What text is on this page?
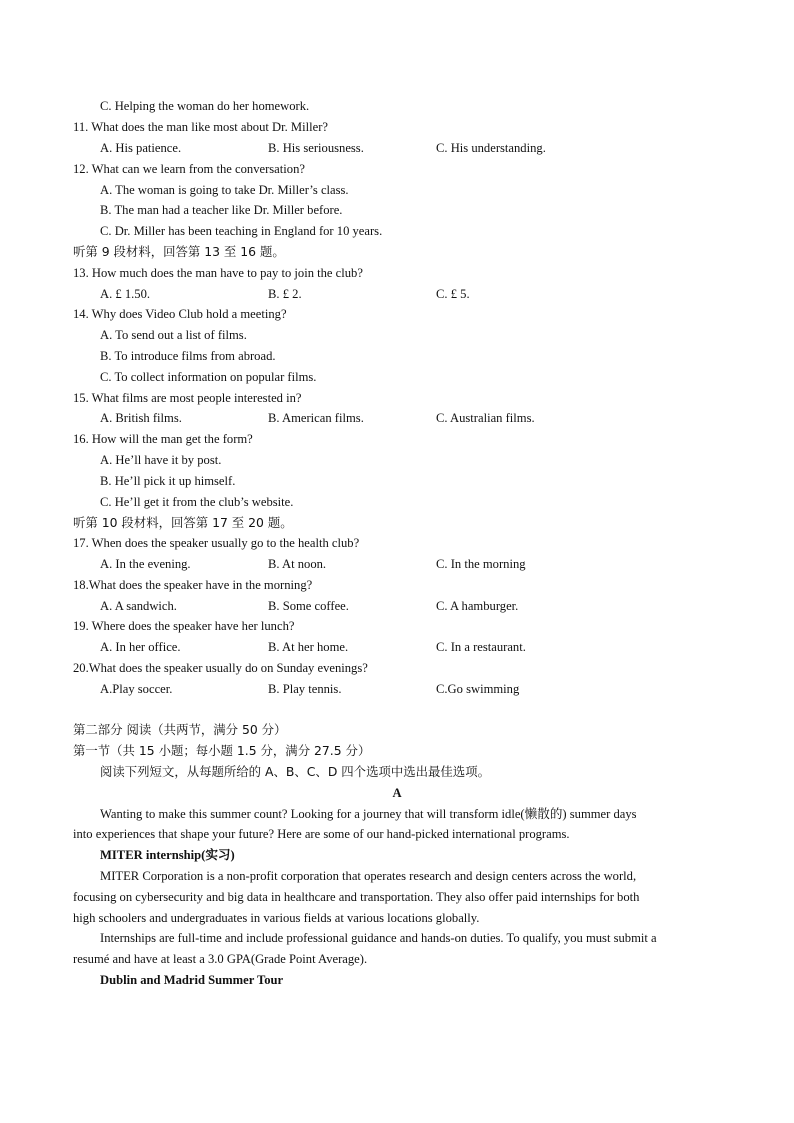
C. Helping the woman do her homework.
11. What does the man like most about Dr. Miller?
A. His patience.	B. His seriousness.	C. His understanding.
12. What can we learn from the conversation?
A. The woman is going to take Dr. Miller’s class.
B. The man had a teacher like Dr. Miller before.
C. Dr. Miller has been teaching in England for 10 years.
听第 9 段材料，回答第 13 至 16 题。
13. How much does the man have to pay to join the club?
A. £ 1.50.	B. £ 2.	C. £ 5.
14. Why does Video Club hold a meeting?
A. To send out a list of films.
B. To introduce films from abroad.
C. To collect information on popular films.
15. What films are most people interested in?
A. British films.	B. American films.	C. Australian films.
16. How will the man get the form?
A. He’ll have it by post.
B. He’ll pick it up himself.
C. He’ll get it from the club’s website.
听第 10 段材料，回答第 17 至 20 题。
17. When does the speaker usually go to the health club?
A. In the evening.	B. At noon.	C. In the morning
18.What does the speaker have in the morning?
A. A sandwich.	B. Some coffee.	C. A hamburger.
19. Where does the speaker have her lunch?
A. In her office.	B. At her home.	C. In a restaurant.
20.What does the speaker usually do on Sunday evenings?
A.Play soccer.	B. Play tennis.	C.Go swimming
第二部分 阅读（共两节，满分 50 分）
第一节（共 15 小题；每小题 1.5 分，满分 27.5 分）
阅读下列短文，从每题所给的 A、B、C、D 四个选项中选出最佳选项。
A
Wanting to make this summer count? Looking for a journey that will transform idle(懒散的) summer days
into experiences that shape your future? Here are some of our hand-picked international programs.
MITER internship(实习)
MITER Corporation is a non-profit corporation that operates research and design centers across the world,
focusing on cybersecurity and big data in healthcare and transportation. They also offer paid internships for both
high schoolers and undergraduates in various fields at various locations globally.
Internships are full-time and include professional guidance and hands-on duties. To qualify, you must submit a
resumé and have at least a 3.0 GPA(Grade Point Average).
Dublin and Madrid Summer Tour
